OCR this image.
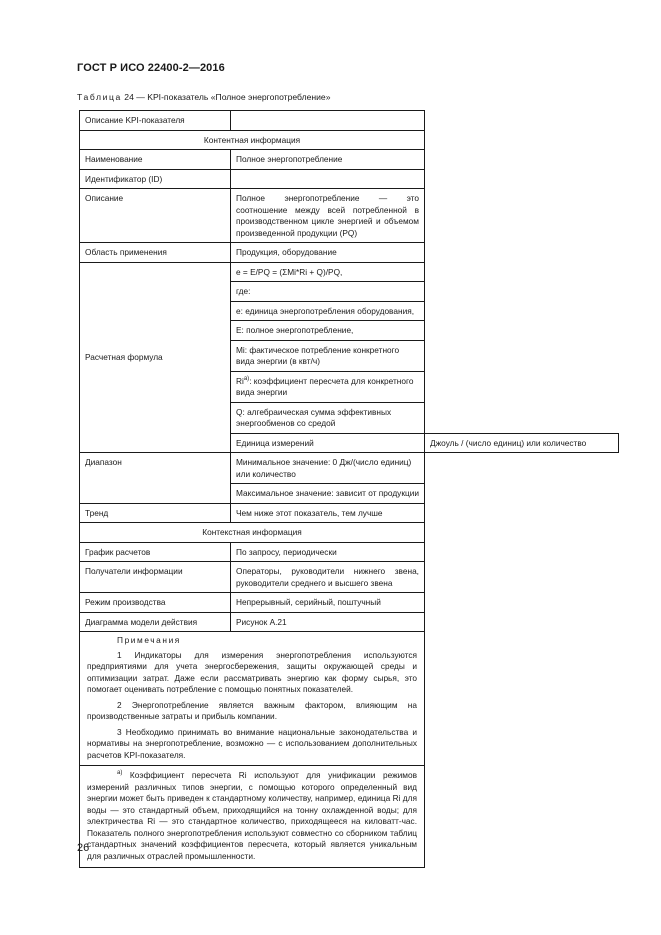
ГОСТ Р ИСО 22400-2—2016
Таблица 24 — KPI-показатель «Полное энергопотребление»
Описание KPI-показателя		
Контентная информация		
Наименование	Полное энергопотребление	
Идентификатор (ID)		
Описание	Полное энергопотребление — это соотношение между всей потребленной в производственном цикле энергией и объемом произведенной продукции (PQ)	
Область применения	Продукция, оборудование	
Расчетная формула	e = E/PQ = (ΣMi*Ri + Q)/PQ,	
	где:	
	e: единица энергопотребления оборудования,	
	E: полное энергопотребление,	
	Mi: фактическое потребление конкретного вида энергии (в квт/ч)	
	$Ri^{а)}$: коэффициент пересчета для конкретного вида энергии	
	Q: алгебраическая сумма эффективных энергообменов со средой	
	Единица измерений	Джоуль / (число единиц) или количество
Диапазон	Минимальное значение: 0 Дж/(число единиц) или количество	
	Максимальное значение: зависит от продукции	
Тренд	Чем ниже этот показатель, тем лучше	
Контекстная информация		
График расчетов	По запросу, периодически	
Получатели информации	Операторы, руководители нижнего звена, руководители среднего и высшего звена	
Режим производства	Непрерывный, серийный, поштучный	
Диаграмма модели действия	Рисунок А.21	

Примечания

1 Индикаторы для измерения энергопотребления используются предприятиями для учета энергосбережения, защиты окружающей среды и оптимизации затрат. Даже если рассматривать энергию как форму сырья, это помогает оценивать потребление с помощью понятных показателей.

2 Энергопотребление является важным фактором, влияющим на производственные затраты и прибыль компании.

3 Необходимо принимать во внимание национальные законодательства и нормативы на энергопотребление, возможно — с использованием дополнительных расчетов KPI-показателя.		

$^{а)}$ Коэффициент пересчета Ri используют для унификации режимов измерений различных типов энергии, с помощью которого определенный вид энергии может быть приведен к стандартному количеству, например, единица Ri для воды — это стандартный объем, приходящийся на тонну охлажденной воды; для электричества Ri — это стандартное количество, приходящееся на киловатт-час. Показатель полного энергопотребления используют совместно со сборником таблиц стандартных значений коэффициентов пересчета, который является уникальным для различных отраслей промышленности.		
26
